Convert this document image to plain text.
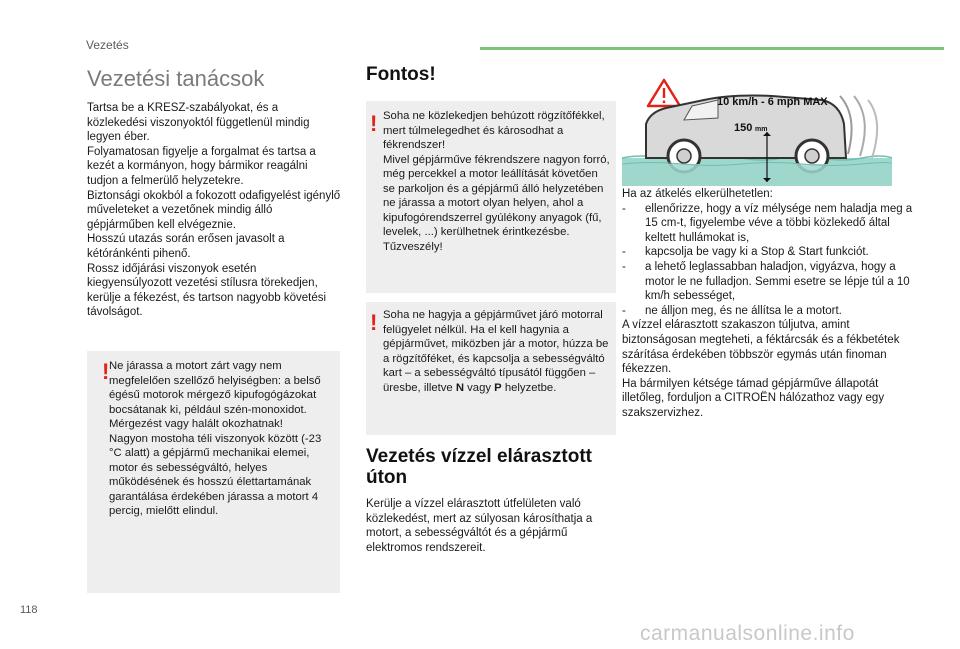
Vezetés
Vezetési tanácsok

Tartsa be a KRESZ-szabályokat, és a közlekedési viszonyoktól függetlenül mindig legyen éber.

Folyamatosan figyelje a forgalmat és tartsa a kezét a kormányon, hogy bármikor reagálni tudjon a felmerülő helyzetekre.

Biztonsági okokból a fokozott odafigyelést igénylő műveleteket a vezetőnek mindig álló gépjárműben kell elvégeznie.

Hosszú utazás során erősen javasolt a kétóránkénti pihenő.

Rossz időjárási viszonyok esetén kiegyensúlyozott vezetési stílusra törekedjen, kerülje a fékezést, és tartson nagyobb követési távolságot.

! Ne járassa a motort zárt vagy nem megfelelően szellőző helyiségben: a belső égésű motorok mérgező kipufogógázokat bocsátanak ki, például szén-monoxidot. Mérgezést vagy halált okozhatnak!

Nagyon mostoha téli viszonyok között (-23 °C alatt) a gépjármű mechanikai elemei, motor és sebességváltó, helyes működésének és hosszú élettartamának garantálása érdekében járassa a motort 4 percig, mielőtt elindul.

Fontos!
! Soha ne közlekedjen behúzott rögzítőfékkel, mert túlmelegedhet és károsodhat a fékrendszer!

Mivel gépjárműve fékrendszere nagyon forró, még percekkel a motor leállítását követően se parkoljon és a gépjármű álló helyzetében ne járassa a motort olyan helyen, ahol a kipufogórendszerrel gyúlékony anyagok (fű, levelek, ...) kerülhetnek érintkezésbe. Tűzveszély!

! Soha ne hagyja a gépjárművet járó motorral felügyelet nélkül. Ha el kell hagynia a gépjárművet, miközben jár a motor, húzza be a rögzítőféket, és kapcsolja a sebességváltó kart – a sebességváltó típusától függően – üresbe, illetve N vagy P helyzetbe.
Vezetés vízzel elárasztott úton

Kerülje a vízzel elárasztott útfelületen való közlekedést, mert az súlyosan károsíthatja a motort, a sebességváltót és a gépjármű elektromos rendszereit.

150 mm
10 km/h - 6 mph MAX

Ha az átkelés elkerülhetetlen:

- ellenőrizze, hogy a víz mélysége nem haladja meg a 15 cm-t, figyelembe véve a többi közlekedő által keltett hullámokat is,
- kapcsolja be vagy ki a Stop & Start funkciót.
- a lehető leglassabban haladjon, vigyázva, hogy a motor le ne fulladjon. Semmi esetre se lépje túl a 10 km/h sebességet,
- ne álljon meg, és ne állítsa le a motort.

A vízzel elárasztott szakaszon túljutva, amint biztonságosan megteheti, a féktárcsák és a fékbetétek szárítása érdekében többször egymás után finoman fékezzen.

Ha bármilyen kétsége támad gépjárműve állapotát illetőleg, forduljon a CITROËN hálózathoz vagy egy szakszervizhez.

118
carmanualsonline.info
